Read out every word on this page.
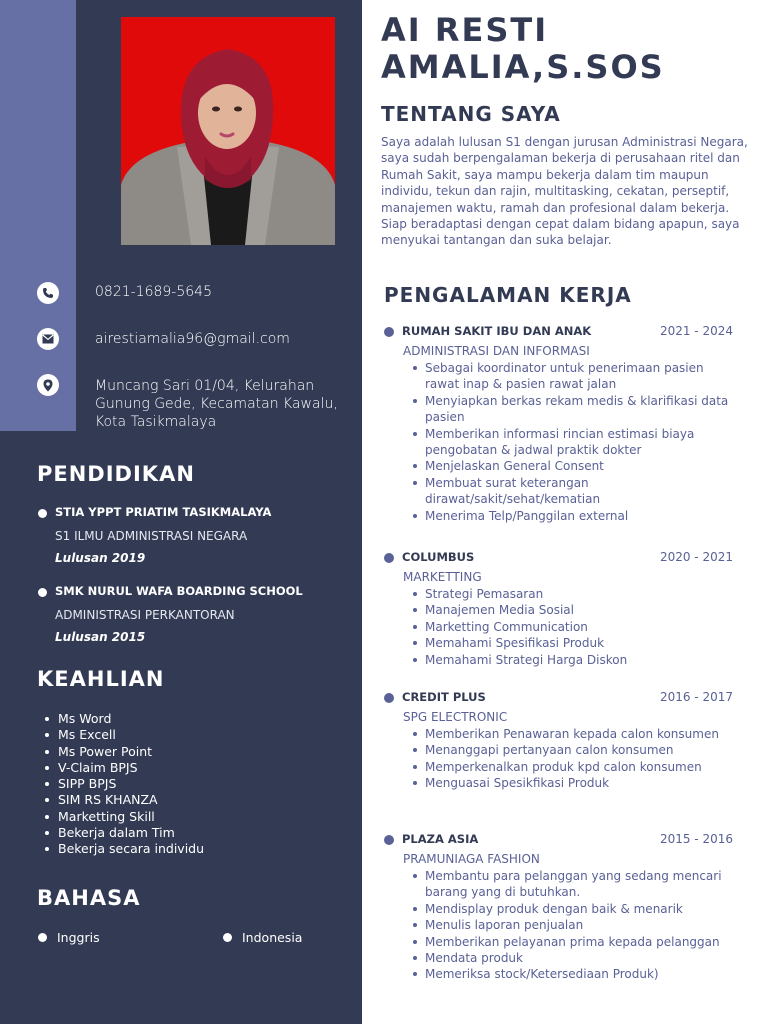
0821-1689-5645
airestiamalia96@gmail.com
Muncang Sari 01/04, Kelurahan Gunung Gede, Kecamatan Kawalu, Kota Tasikmalaya
PENDIDIKAN
STIA YPPT PRIATIM TASIKMALAYA
S1 ILMU ADMINISTRASI NEGARA
Lulusan 2019
SMK NURUL WAFA BOARDING SCHOOL
ADMINISTRASI PERKANTORAN
Lulusan 2015
KEAHLIAN
Ms Word
Ms Excell
Ms Power Point
V-Claim BPJS
SIPP BPJS
SIM RS KHANZA
Marketting Skill
Bekerja dalam Tim
Bekerja secara individu
BAHASA
Inggris	Indonesia
AI RESTI AMALIA,S.SOS
TENTANG SAYA

Saya adalah lulusan S1 dengan jurusan Administrasi Negara, saya sudah berpengalaman bekerja di perusahaan ritel dan Rumah Sakit, saya mampu bekerja dalam tim maupun individu, tekun dan rajin, multitasking, cekatan, perseptif, manajemen waktu, ramah dan profesional dalam bekerja. Siap beradaptasi dengan cepat dalam bidang apapun, saya menyukai tantangan dan suka belajar.

PENGALAMAN KERJA
RUMAH SAKIT IBU DAN ANAK	2021 - 2024
ADMINISTRASI DAN INFORMASI
Sebagai koordinator untuk penerimaan pasien rawat inap & pasien rawat jalan
Menyiapkan berkas rekam medis & klarifikasi data pasien
Memberikan informasi rincian estimasi biaya pengobatan & jadwal praktik dokter
Menjelaskan General Consent
Membuat surat keterangan dirawat/sakit/sehat/kematian
Menerima Telp/Panggilan external
COLUMBUS	2020 - 2021
MARKETTING
Strategi Pemasaran
Manajemen Media Sosial
Marketting Communication
Memahami Spesifikasi Produk
Memahami Strategi Harga Diskon
CREDIT PLUS	2016 - 2017
SPG ELECTRONIC
Memberikan Penawaran kepada calon konsumen
Menanggapi pertanyaan calon konsumen
Memperkenalkan produk kpd calon konsumen
Menguasai Spesikfikasi Produk
PLAZA ASIA	2015 - 2016
PRAMUNIAGA FASHION
Membantu para pelanggan yang sedang mencari barang yang di butuhkan.
Mendisplay produk dengan baik & menarik
Menulis laporan penjualan
Memberikan pelayanan prima kepada pelanggan
Mendata produk
Memeriksa stock/Ketersediaan Produk)
